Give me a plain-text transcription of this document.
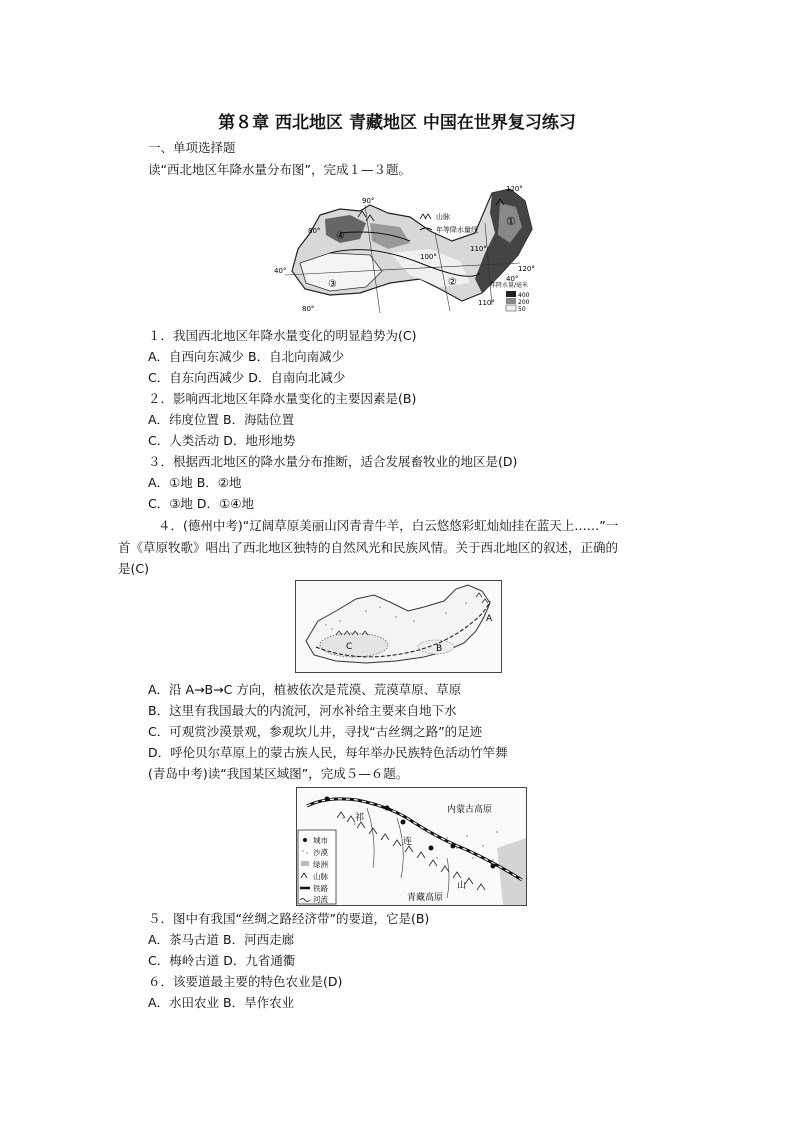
第８章 西北地区 青藏地区 中国在世界复习练习
一、单项选择题
读“西北地区年降水量分布图”，完成１—３题。
120°
90°
80°
100°
110°
110°
120°
40°
40°
80°
①
②
③
④
山脉
年等降水量线
年降水量/毫米
400
200
50
１．我国西北地区年降水量变化的明显趋势为(C)
A．自西向东减少 B．自北向南减少
C．自东向西减少 D．自南向北减少
２．影响西北地区年降水量变化的主要因素是(B)
A．纬度位置 B．海陆位置
C．人类活动 D．地形地势
３．根据西北地区的降水量分布推断，适合发展畜牧业的地区是(D)
A．①地 B．②地
C．③地 D．①④地
４．(德州中考)“辽阔草原美丽山冈青青牛羊，白云悠悠彩虹灿灿挂在蓝天上……”一
首《草原牧歌》唱出了西北地区独特的自然风光和民族风情。关于西北地区的叙述，正确的
是(C)
A
B
C
A．沿 A→B→C 方向，植被依次是荒漠、荒漠草原、草原
B．这里有我国最大的内流河，河水补给主要来自地下水
C．可观赏沙漠景观，参观坎儿井，寻找“古丝绸之路”的足迹
D．呼伦贝尔草原上的蒙古族人民，每年举办民族特色活动竹竿舞
(青岛中考)读“我国某区域图”，完成５—６题。
内蒙古高原
青藏高原
祁
连
山
城市
沙漠
绿洲
山脉
铁路
河流
５．图中有我国“丝绸之路经济带”的要道，它是(B)
A．茶马古道 B．河西走廊
C．梅岭古道 D．九省通衢
６．该要道最主要的特色农业是(D)
A．水田农业 B．旱作农业
